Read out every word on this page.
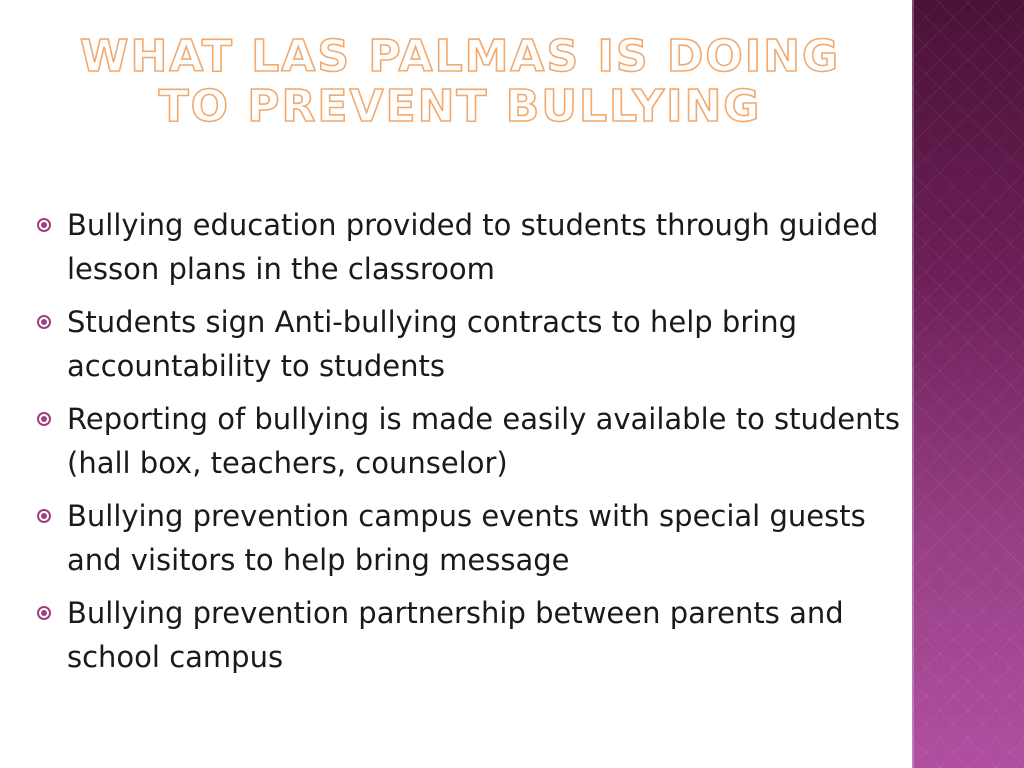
WHAT LAS PALMAS IS DOING
TO PREVENT BULLYING
Bullying education provided to students through guided lesson plans in the classroom
Students sign Anti-bullying contracts to help bring accountability to students
Reporting of bullying is made easily available to students (hall box, teachers, counselor)
Bullying prevention campus events with special guests and visitors to help bring message
Bullying prevention partnership between parents and school campus
